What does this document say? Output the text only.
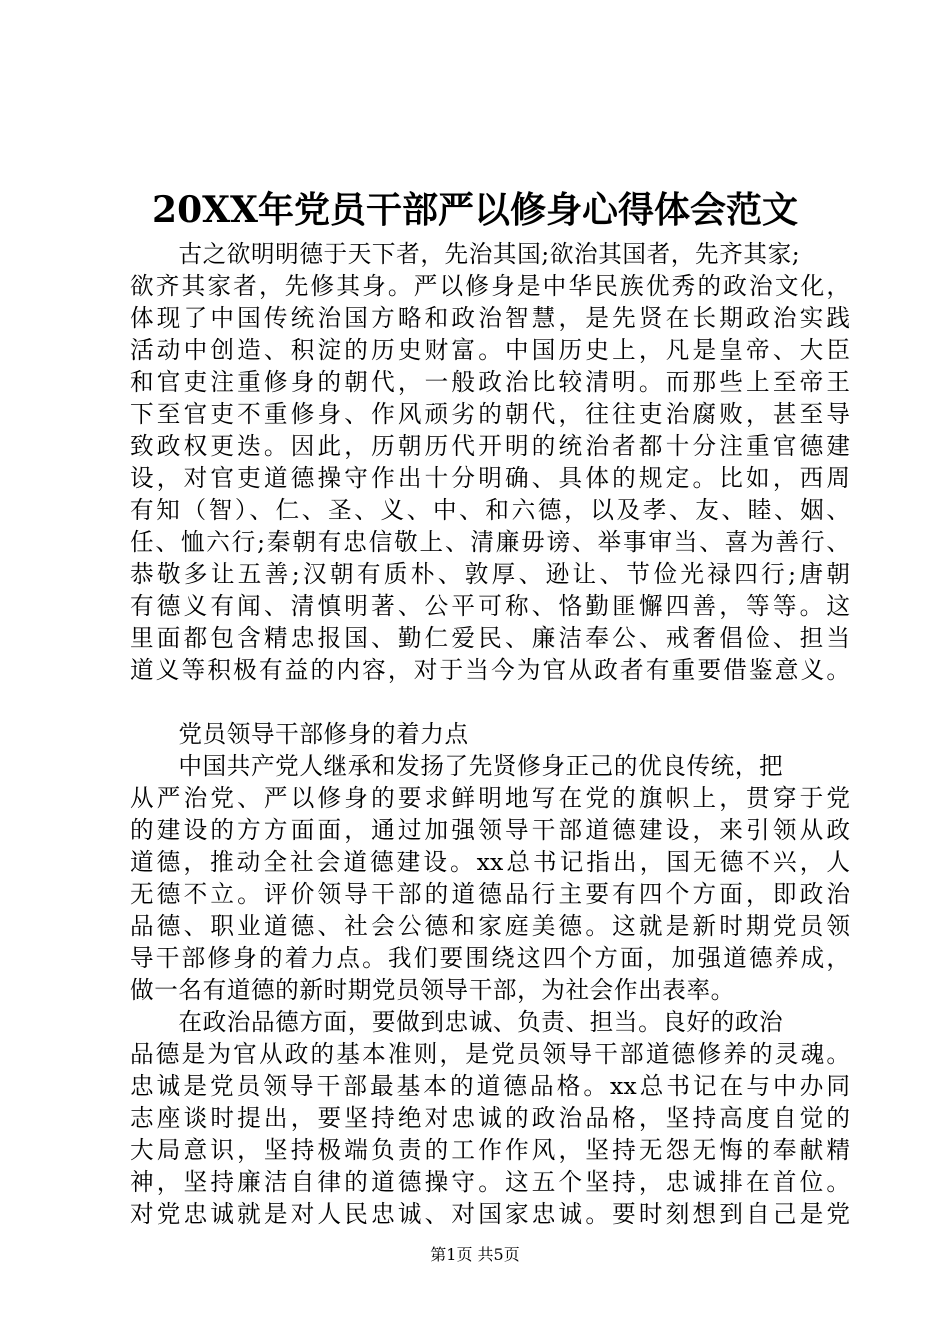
20XX年党员干部严以修身心得体会范文
　　古之欲明明德于天下者，先治其国;欲治其国者，先齐其家;
欲齐其家者，先修其身。严以修身是中华民族优秀的政治文化，
体现了中国传统治国方略和政治智慧，是先贤在长期政治实践
活动中创造、积淀的历史财富。中国历史上，凡是皇帝、大臣
和官吏注重修身的朝代，一般政治比较清明。而那些上至帝王
下至官吏不重修身、作风顽劣的朝代，往往吏治腐败，甚至导
致政权更迭。因此，历朝历代开明的统治者都十分注重官德建
设，对官吏道德操守作出十分明确、具体的规定。比如，西周
有知（智）、仁、圣、义、中、和六德，以及孝、友、睦、姻、
任、恤六行;秦朝有忠信敬上、清廉毋谤、举事审当、喜为善行、
恭敬多让五善;汉朝有质朴、敦厚、逊让、节俭光禄四行;唐朝
有德义有闻、清慎明著、公平可称、恪勤匪懈四善，等等。这
里面都包含精忠报国、勤仁爱民、廉洁奉公、戒奢倡俭、担当
道义等积极有益的内容，对于当今为官从政者有重要借鉴意义。
　　党员领导干部修身的着力点
　　中国共产党人继承和发扬了先贤修身正己的优良传统，把
从严治党、严以修身的要求鲜明地写在党的旗帜上，贯穿于党
的建设的方方面面，通过加强领导干部道德建设，来引领从政
道德，推动全社会道德建设。xx总书记指出，国无德不兴，人
无德不立。评价领导干部的道德品行主要有四个方面，即政治
品德、职业道德、社会公德和家庭美德。这就是新时期党员领
导干部修身的着力点。我们要围绕这四个方面，加强道德养成，
做一名有道德的新时期党员领导干部，为社会作出表率。
　　在政治品德方面，要做到忠诚、负责、担当。良好的政治
品德是为官从政的基本准则，是党员领导干部道德修养的灵魂。
忠诚是党员领导干部最基本的道德品格。xx总书记在与中办同
志座谈时提出，要坚持绝对忠诚的政治品格，坚持高度自觉的
大局意识，坚持极端负责的工作作风，坚持无怨无悔的奉献精
神，坚持廉洁自律的道德操守。这五个坚持，忠诚排在首位。
对党忠诚就是对人民忠诚、对国家忠诚。要时刻想到自己是党
第1页 共5页
